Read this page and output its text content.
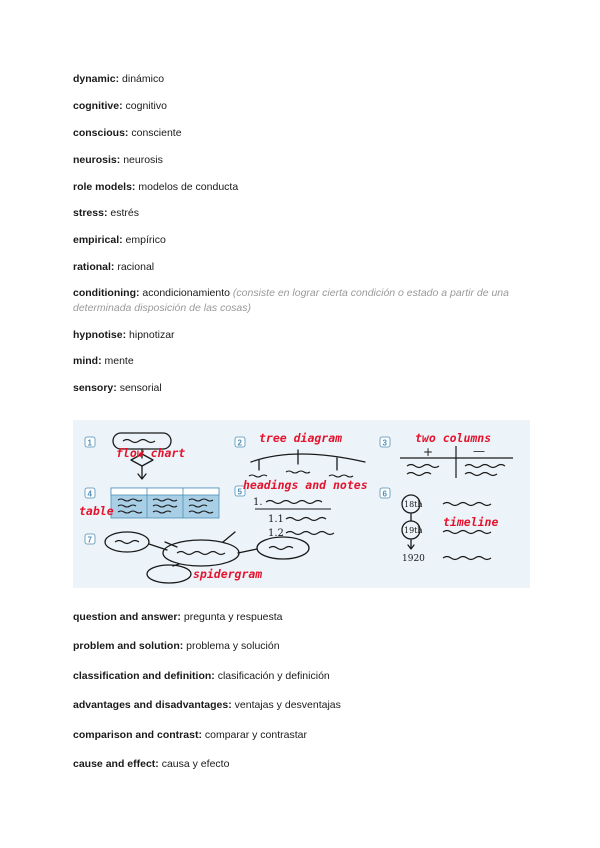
dynamic: dinámico
cognitive: cognitivo
conscious: consciente
neurosis: neurosis
role models: modelos de conducta
stress: estrés
empirical: empírico
rational: racional
conditioning: acondicionamiento (consiste en lograr cierta condición o estado a partir de una determinada disposición de las cosas)
hypnotise: hipnotizar
mind: mente
sensory: sensorial
1	2	3
4	5	6
7
flow chart
table
tree diagram
headings and notes
1.
1.1
1.2
two columns
+	—
18th
19th
1920
timeline
spidergram
question and answer: pregunta y respuesta
problem and solution: problema y solución
classification and definition: clasificación y definición
advantages and disadvantages: ventajas y desventajas
comparison and contrast: comparar y contrastar
cause and effect: causa y efecto
